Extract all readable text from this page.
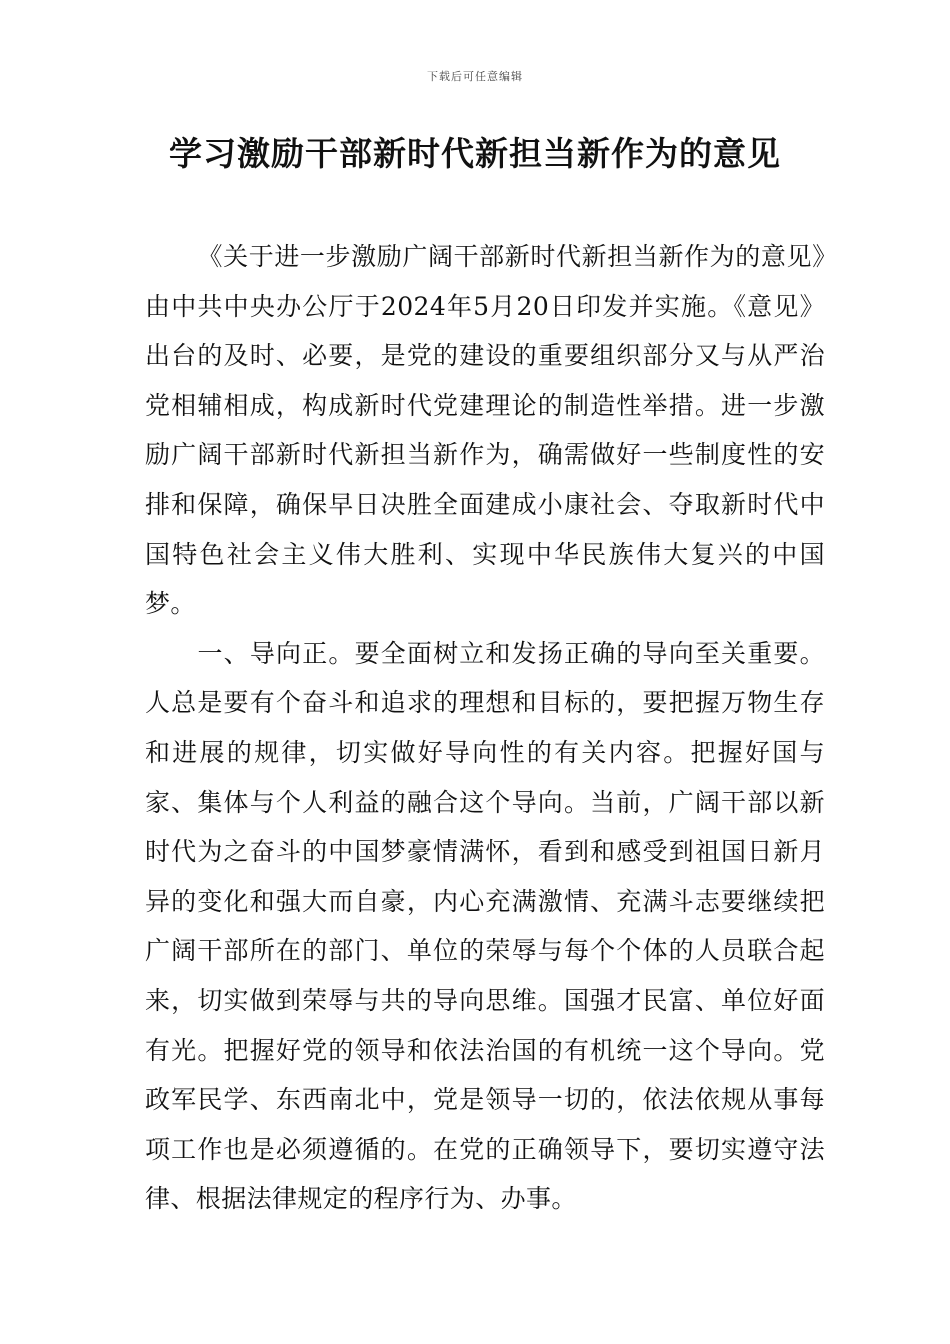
下载后可任意编辑
学习激励干部新时代新担当新作为的意见

《关于进一步激励广阔干部新时代新担当新作为的意见》由中共中央办公厅于2024年5月20日印发并实施。《意见》出台的及时、必要，是党的建设的重要组织部分又与从严治党相辅相成，构成新时代党建理论的制造性举措。进一步激励广阔干部新时代新担当新作为，确需做好一些制度性的安排和保障，确保早日决胜全面建成小康社会、夺取新时代中国特色社会主义伟大胜利、实现中华民族伟大复兴的中国梦。

一、导向正。要全面树立和发扬正确的导向至关重要。人总是要有个奋斗和追求的理想和目标的，要把握万物生存和进展的规律，切实做好导向性的有关内容。把握好国与家、集体与个人利益的融合这个导向。当前，广阔干部以新时代为之奋斗的中国梦豪情满怀，看到和感受到祖国日新月异的变化和强大而自豪，内心充满激情、充满斗志要继续把广阔干部所在的部门、单位的荣辱与每个个体的人员联合起来，切实做到荣辱与共的导向思维。国强才民富、单位好面有光。把握好党的领导和依法治国的有机统一这个导向。党政军民学、东西南北中，党是领导一切的，依法依规从事每项工作也是必须遵循的。在党的正确领导下，要切实遵守法律、根据法律规定的程序行为、办事。
